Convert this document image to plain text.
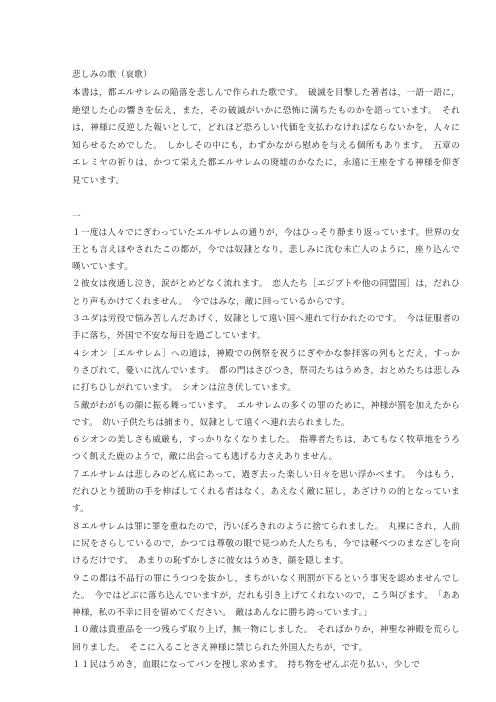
悲しみの歌（哀歌）

本書は，都エルサレムの陥落を悲しんで作られた歌です。　破滅を目撃した著者は，一語一語に，絶望した心の響きを伝え，また，その破滅がいかに恐怖に満ちたものかを語っています。　それは，神様に反逆した報いとして，どれほど恐ろしい代価を支払わなければならないかを，人々に知らせるためでした。　しかしその中にも，わずかながら慰めを与える個所もあります。　五章のエレミヤの祈りは，かつて栄えた都エルサレムの廃墟のかなたに，永遠に王座をする神様を仰ぎ見ています。

一

１一度は人々でにぎわっていたエルサレムの通りが，今はひっそり静まり返っています。世界の女王とも言えほやされたこの都が，今では奴隷となり，悲しみに沈む未亡人のように，座り込んで嘆いています。

２彼女は夜通し泣き，涙がとめどなく流れます。　恋人たち［エジプトや他の同盟国］は，だれひとり声もかけてくれません。　今ではみな，敵に回っているからです。

３ユダは労役で悩み苦しんだあげく，奴隷として遠い国へ連れて行かれたのです。　今は征服者の手に落ち，外国で不安な毎日を過ごしています。

４シオン［エルサレム］への道は，神殿での例祭を祝うにぎやかな参拝客の列もとだえ，すっかりさびれて，憂いに沈んでいます。　都の門はさびつき，祭司たちはうめき，おとめたちは悲しみに打ちひしがれています。　シオンは泣き伏しています。

５敵がわがもの顔に振る舞っています。　エルサレムの多くの罪のために，神様が罰を加えたからです。　幼い子供たちは捕まり，奴隷として遠くへ連れ去られました。

６シオンの美しさも威厳も，すっかりなくなりました。　指導者たちは，あてもなく牧草地をうろつく飢えた鹿のようで，敵に出会っても逃げる力さえありません。

７エルサレムは悲しみのどん底にあって，過ぎ去った楽しい日々を思い浮かべます。　今はもう，だれひとり援助の手を伸ばしてくれる者はなく，あえなく敵に屈し，あざけりの的となっています。

８エルサレムは罪に罪を重ねたので，汚いぼろきれのように捨てられました。　丸裸にされ，人前に尻をさらしているので，かつては尊敬の眼で見つめた人たちも，今では軽べつのまなざしを向けるだけです。　あまりの恥ずかしさに彼女はうめき，顔を隠します。

９この都は不品行の罪にうつつを抜かし，まちがいなく刑罰が下るという事実を認めませんでした。　今ではどぶに落ち込んでいますが，だれも引き上げてくれないので，こう叫びます。　「ああ神様，私の不幸に目を留めてください。　敵はあんなに勝ち誇っています。」

１０敵は貴重品を一つ残らず取り上げ，無一物にしました。　そればかりか，神聖な神殿を荒らし回りました。　そこに入ることさえ神様に禁じられた外国人たちが，です。

１１民はうめき，血眼になってパンを捜し求めます。　持ち物をぜんぶ売り払い，少しで
